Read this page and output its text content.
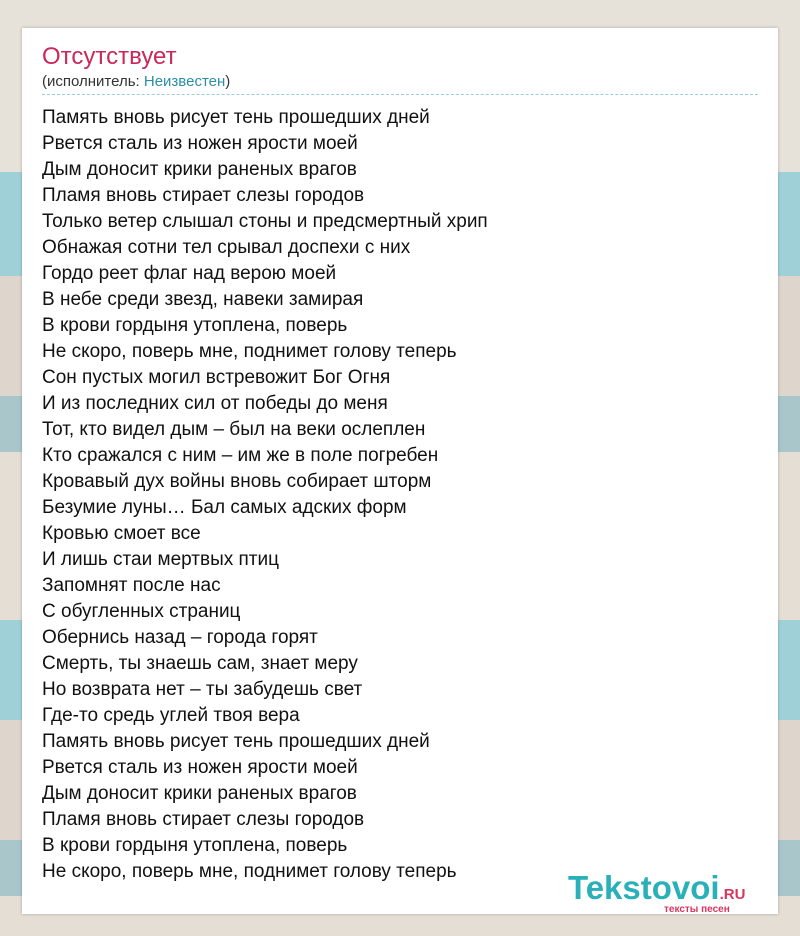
Отсутствует
(исполнитель: Неизвестен)
Память вновь рисует тень прошедших дней
Рвется сталь из ножен ярости моей
Дым доносит крики раненых врагов
Пламя вновь стирает слезы городов
Только ветер слышал стоны и предсмертный хрип
Обнажая сотни тел срывал доспехи с них
Гордо реет флаг над верою моей
В небе среди звезд, навеки замирая
В крови гордыня утоплена, поверь
Не скоро, поверь мне, поднимет голову теперь
Сон пустых могил встревожит Бог Огня
И из последних сил от победы до меня
Тот, кто видел дым – был на веки ослеплен
Кто сражался с ним – им же в поле погребен
Кровавый дух войны вновь собирает шторм
Безумие луны… Бал самых адских форм
Кровью смоет все
И лишь стаи мертвых птиц
Запомнят после нас
С обугленных страниц
Обернись назад – города горят
Смерть, ты знаешь сам, знает меру
Но возврата нет – ты забудешь свет
Где-то средь углей твоя вера
Память вновь рисует тень прошедших дней
Рвется сталь из ножен ярости моей
Дым доносит крики раненых врагов
Пламя вновь стирает слезы городов
В крови гордыня утоплена, поверь
Не скоро, поверь мне, поднимет голову теперь	Tekstovoi.RU
тексты песен
